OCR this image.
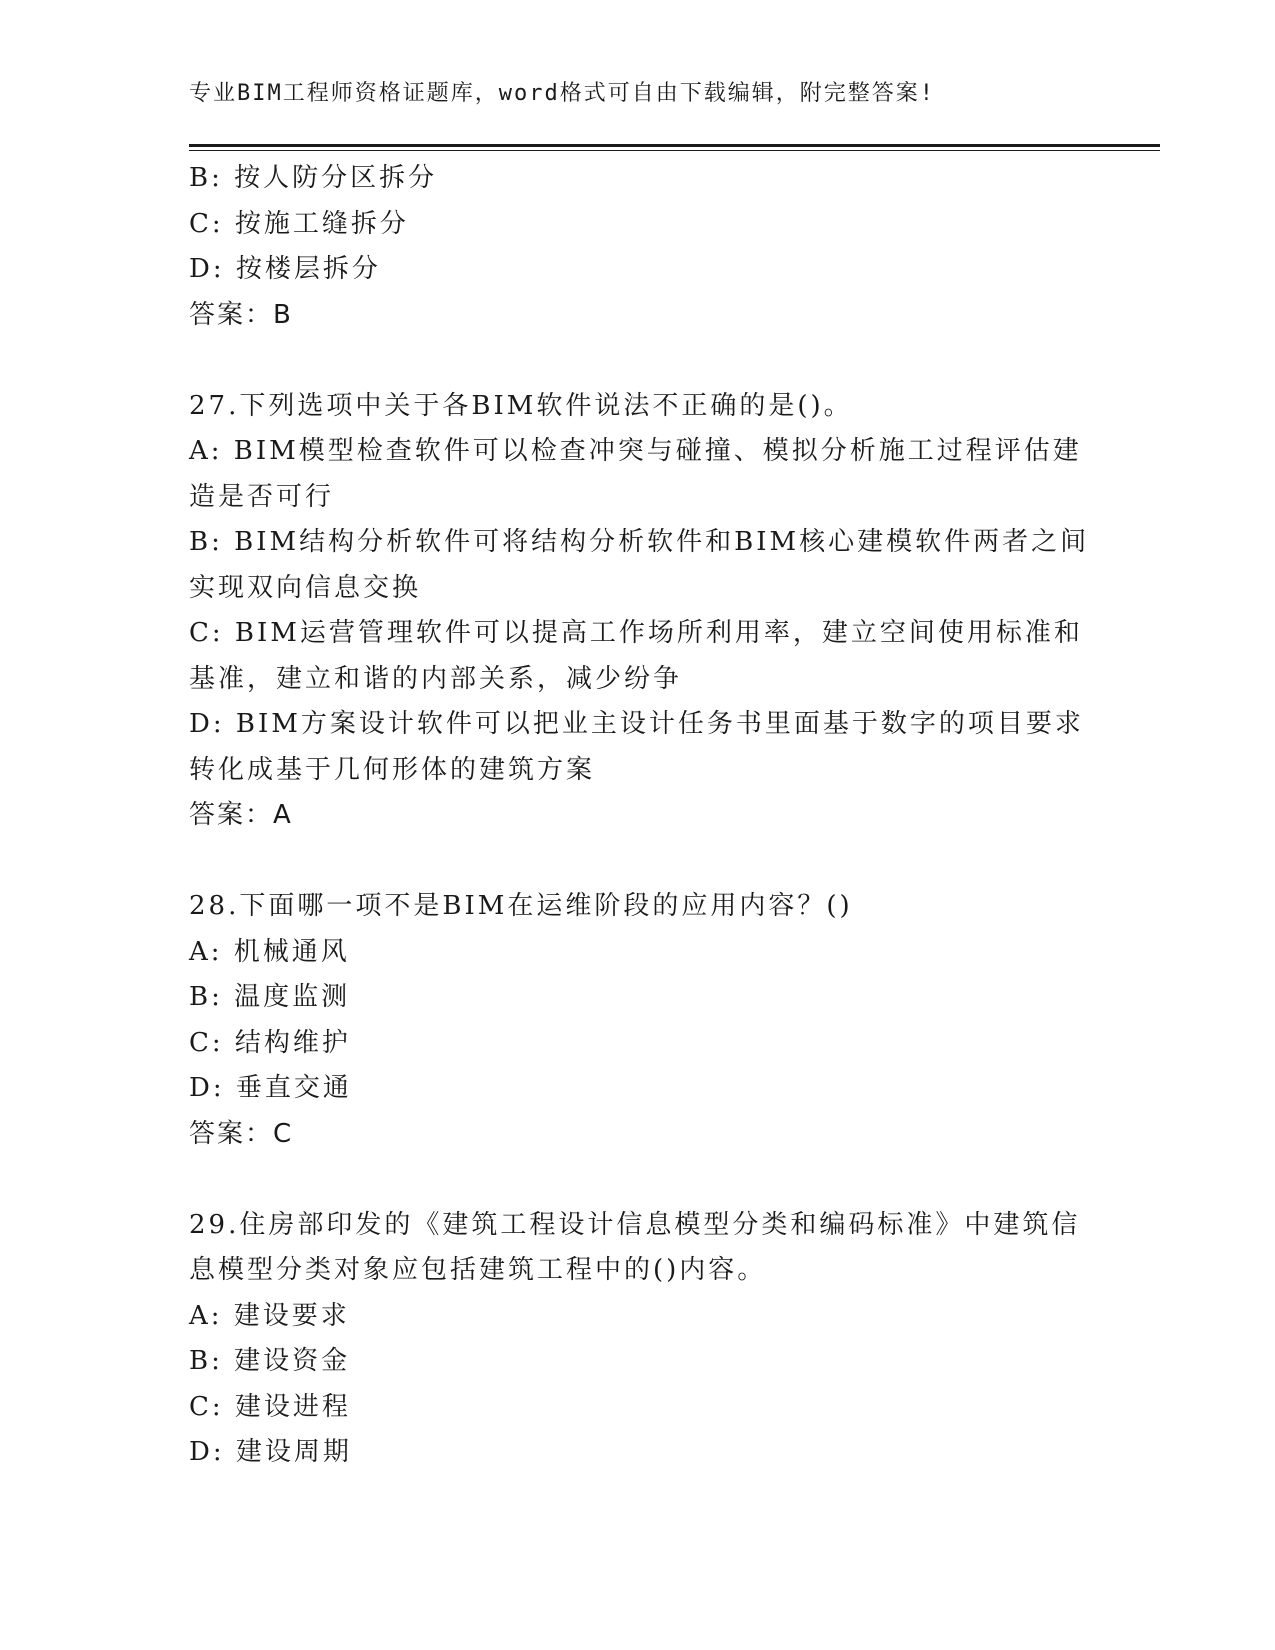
专业BIM工程师资格证题库，word格式可自由下载编辑，附完整答案!
B: 按人防分区拆分
C: 按施工缝拆分
D: 按楼层拆分
答案：B
27.下列选项中关于各BIM软件说法不正确的是()。
A: BIM模型检查软件可以检查冲突与碰撞、模拟分析施工过程评估建
造是否可行
B: BIM结构分析软件可将结构分析软件和BIM核心建模软件两者之间
实现双向信息交换
C: BIM运营管理软件可以提高工作场所利用率，建立空间使用标准和
基准，建立和谐的内部关系，减少纷争
D: BIM方案设计软件可以把业主设计任务书里面基于数字的项目要求
转化成基于几何形体的建筑方案
答案：A
28.下面哪一项不是BIM在运维阶段的应用内容？()
A: 机械通风
B: 温度监测
C: 结构维护
D: 垂直交通
答案：C
29.住房部印发的《建筑工程设计信息模型分类和编码标准》中建筑信
息模型分类对象应包括建筑工程中的()内容。
A: 建设要求
B: 建设资金
C: 建设进程
D: 建设周期
